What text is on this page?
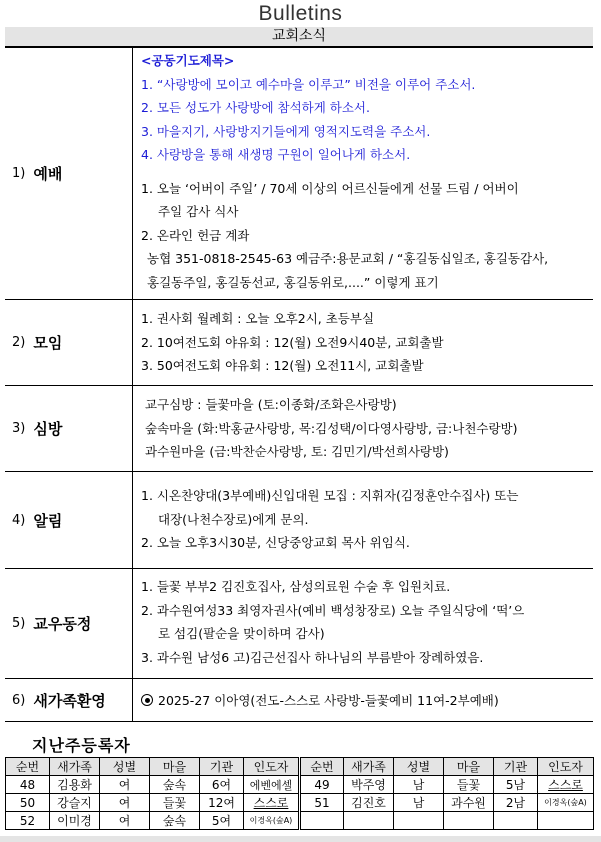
Bulletins
교회소식
1) 예배
<공동기도제목>
1. “사랑방에 모이고 예수마을 이루고” 비전을 이루어 주소서.
2. 모든 성도가 사랑방에 참석하게 하소서.
3. 마을지기, 사랑방지기들에게 영적지도력을 주소서.
4. 사랑방을 통해 새생명 구원이 일어나게 하소서.
1. 오늘 ‘어버이 주일’ / 70세 이상의 어르신들에게 선물 드림 / 어버이
주일 감사 식사
2. 온라인 헌금 계좌
농협 351-0818-2545-63 예금주:용문교회 / “홍길동십일조, 홍길동감사,
홍길동주일, 홍길동선교, 홍길동위로,....” 이렇게 표기
2) 모임
1. 권사회 월례회 : 오늘 오후2시, 초등부실
2. 10여전도회 야유회 : 12(월) 오전9시40분, 교회출발
3. 50여전도회 야유회 : 12(월) 오전11시, 교회출발
3) 심방
교구심방 : 들꽃마을 (토:이종화/조화은사랑방)
숲속마을 (화:박홍균사랑방, 목:김성택/이다영사랑방, 금:나천수랑방)
과수원마을 (금:박찬순사랑방, 토: 김민기/박선희사랑방)
4) 알림
1. 시온찬양대(3부예배)신입대원 모집 : 지휘자(김정훈안수집사) 또는
대장(나천수장로)에게 문의.
2. 오늘 오후3시30분, 신당중앙교회 목사 위임식.
5) 교우동정
1. 들꽃 부부2 김진호집사, 삼성의료원 수술 후 입원치료.
2. 과수원여성33 최영자권사(예비 백성창장로) 오늘 주일식당에 ‘떡’으
로 섬김(팔순을 맞이하며 감사)
3. 과수원 남성6 고)김근선집사 하나님의 부름받아 장례하였음.
6) 새가족환영	2025-27 이아영(전도-스스로 사랑방-들꽃예비 11여-2부예배)
지난주등록자
순번	새가족	성별	마을	기관	인도자	순번	새가족	성별	마을	기관	인도자
48	김용화	여	숲속	6여	에벤에셀	49	박주영	남	들꽃	5남	스스로
50	강슬지	여	들꽃	12여	스스로	51	김진호	남	과수원	2남	이경옥(숲A)
52	이미경	여	숲속	5여	이경옥(숲A)						
